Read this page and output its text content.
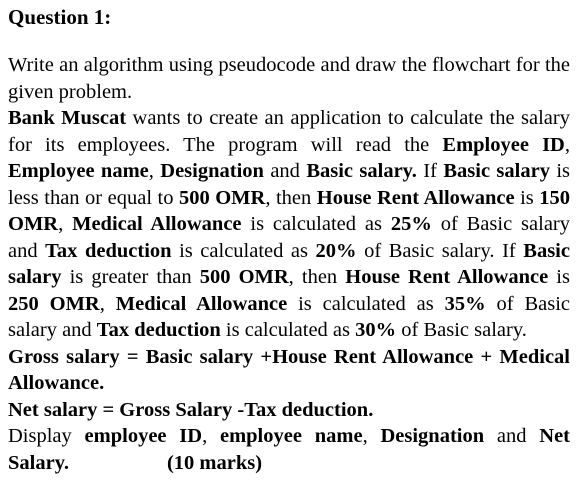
Question 1:

Write an algorithm using pseudocode and draw the flowchart for the given problem.

Bank Muscat wants to create an application to calculate the salary for its employees. The program will read the Employee ID, Employee name, Designation and Basic salary. If Basic salary is less than or equal to 500 OMR, then House Rent Allowance is 150 OMR, Medical Allowance is calculated as 25% of Basic salary and Tax deduction is calculated as 20% of Basic salary. If Basic salary is greater than 500 OMR, then House Rent Allowance is 250 OMR, Medical Allowance is calculated as 35% of Basic salary and Tax deduction is calculated as 30% of Basic salary.

Gross salary = Basic salary +House Rent Allowance + Medical Allowance.

Net salary = Gross Salary -Tax deduction.

Display employee ID, employee name, Designation and Net Salary.	(10 marks)
